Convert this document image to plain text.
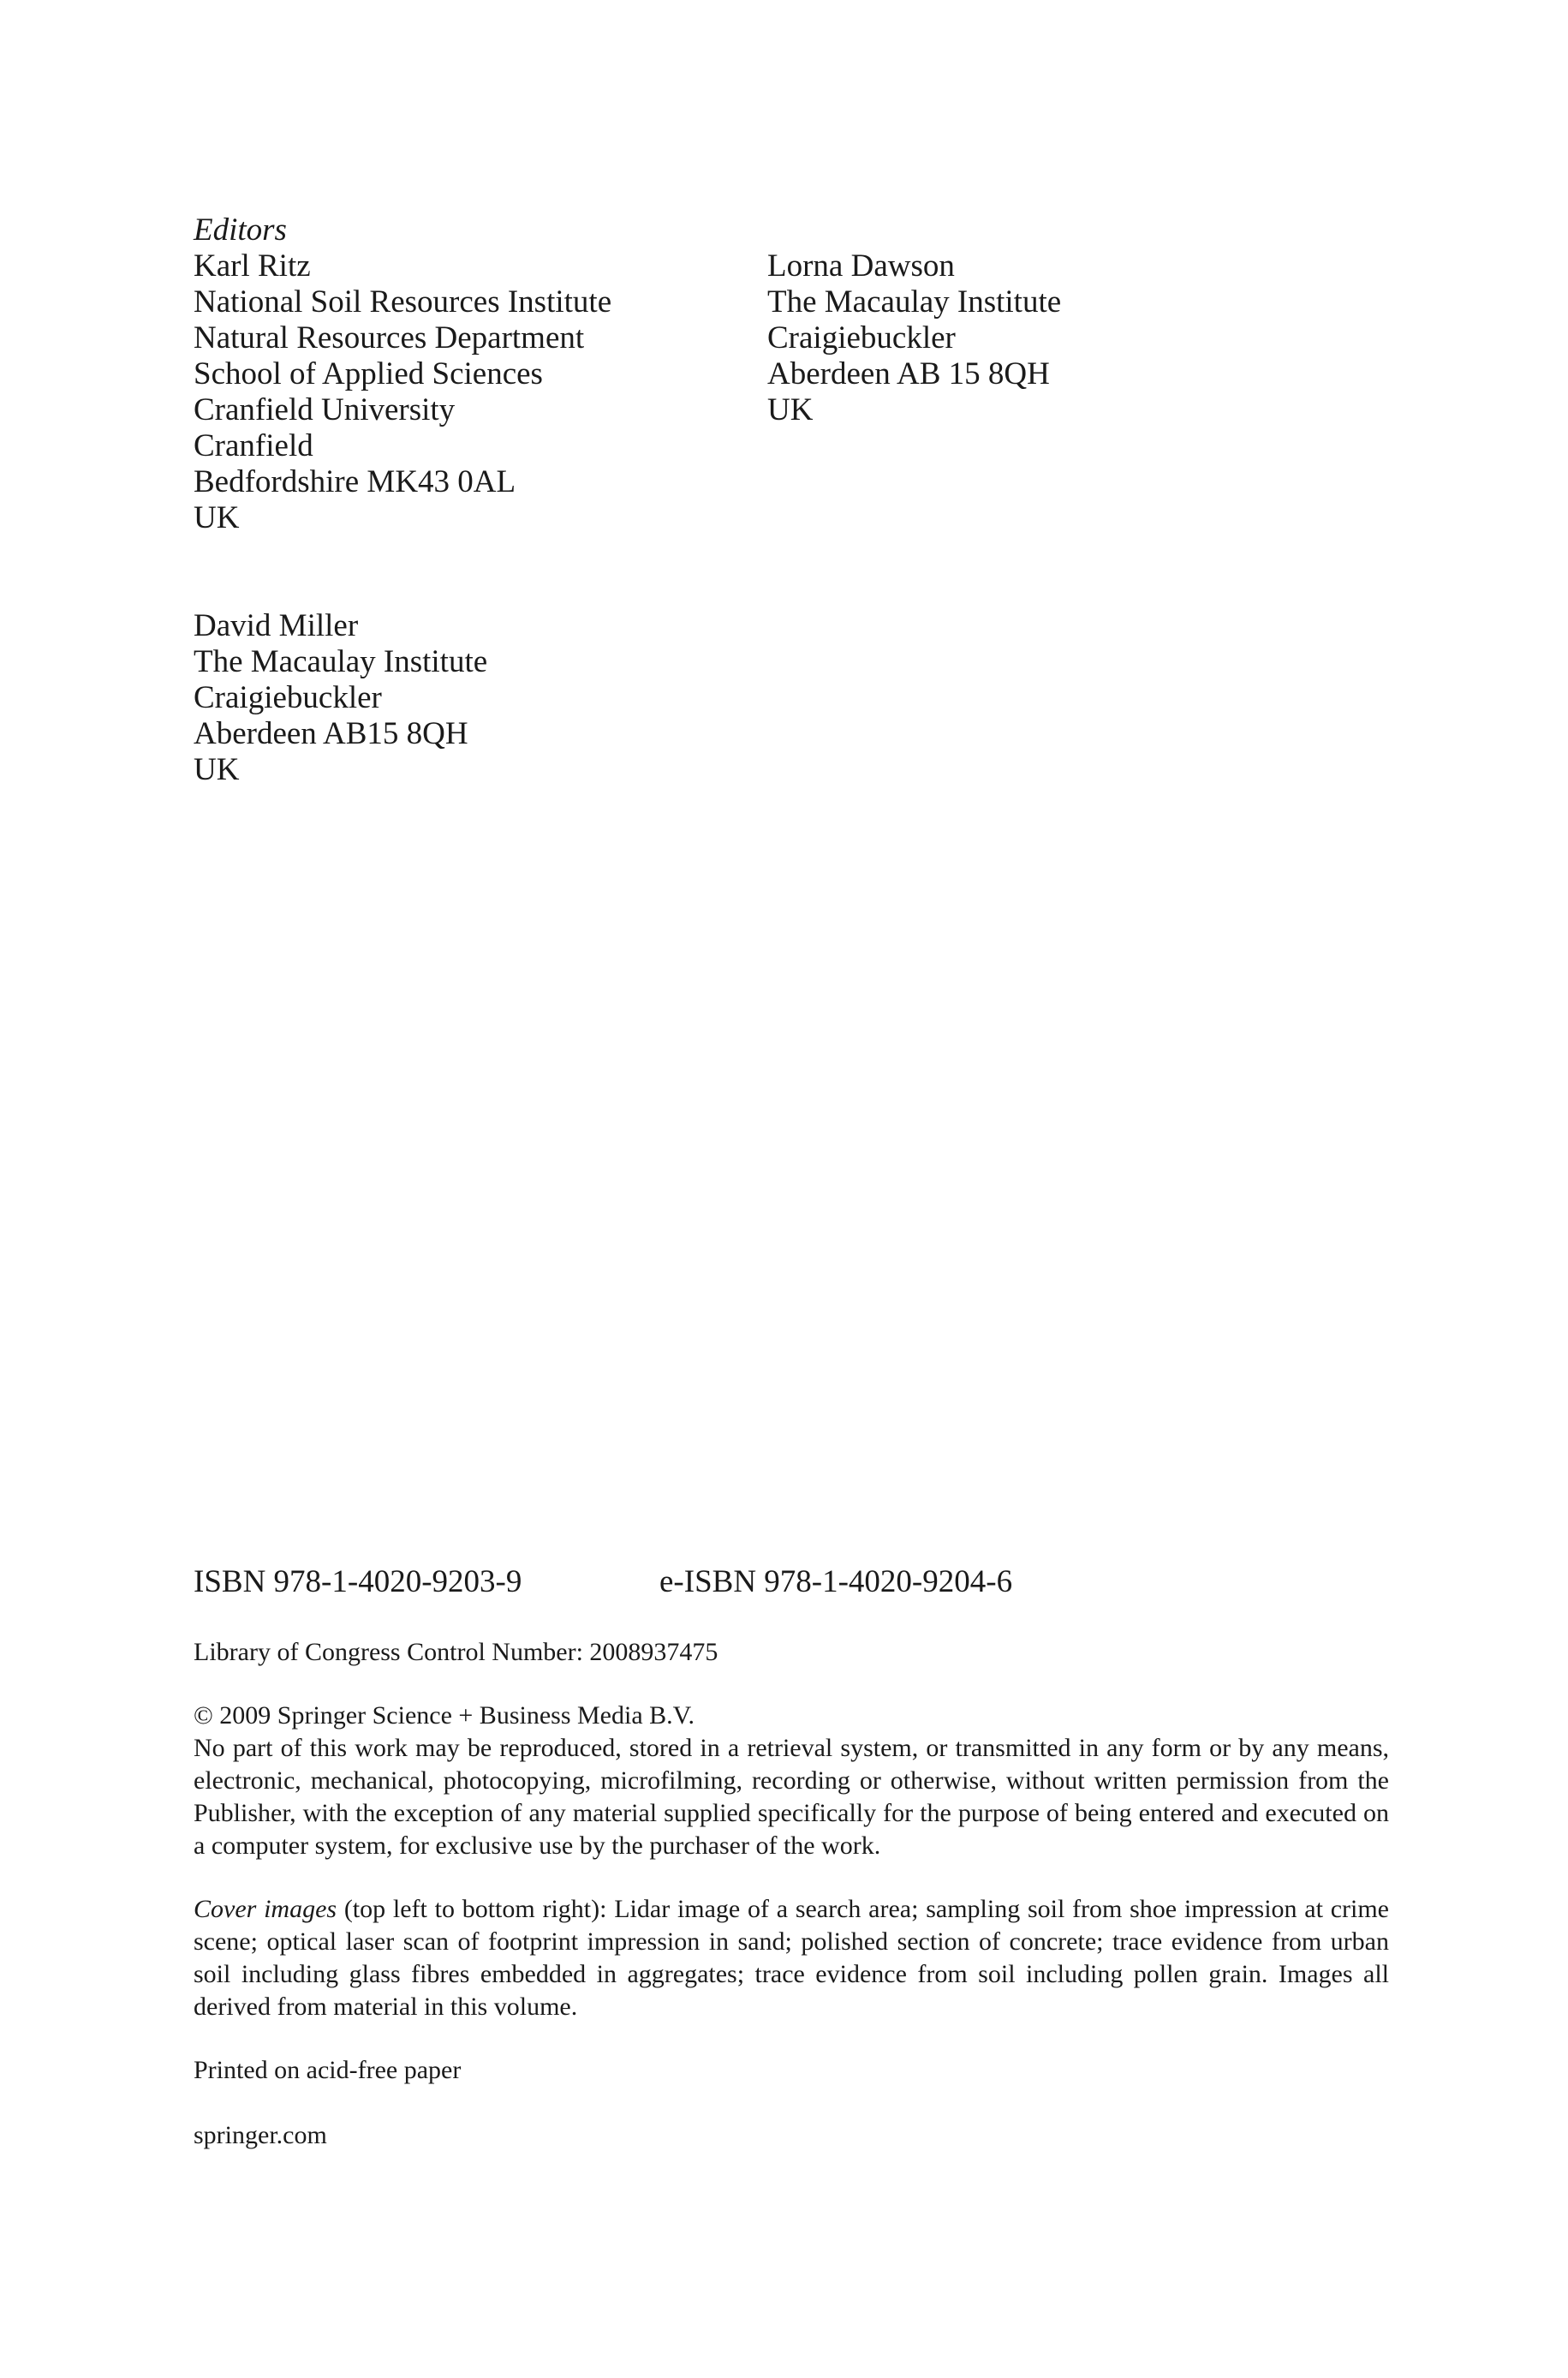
Editors

Karl Ritz
National Soil Resources Institute
Natural Resources Department
School of Applied Sciences
Cranfield University
Cranfield
Bedfordshire MK43 0AL
UK
Lorna Dawson
The Macaulay Institute
Craigiebuckler
Aberdeen AB 15 8QH
UK
David Miller
The Macaulay Institute
Craigiebuckler
Aberdeen AB15 8QH
UK
ISBN 978-1-4020-9203-9	e-ISBN 978-1-4020-9204-6

Library of Congress Control Number: 2008937475

© 2009 Springer Science + Business Media B.V.

No part of this work may be reproduced, stored in a retrieval system, or transmitted in any form or by any means, electronic, mechanical, photocopying, microfilming, recording or otherwise, without written permission from the Publisher, with the exception of any material supplied specifically for the purpose of being entered and executed on a computer system, for exclusive use by the purchaser of the work.

Cover images (top left to bottom right): Lidar image of a search area; sampling soil from shoe impression at crime scene; optical laser scan of footprint impression in sand; polished section of concrete; trace evidence from urban soil including glass fibres embedded in aggregates; trace evidence from soil including pollen grain. Images all derived from material in this volume.

Printed on acid-free paper

springer.com
